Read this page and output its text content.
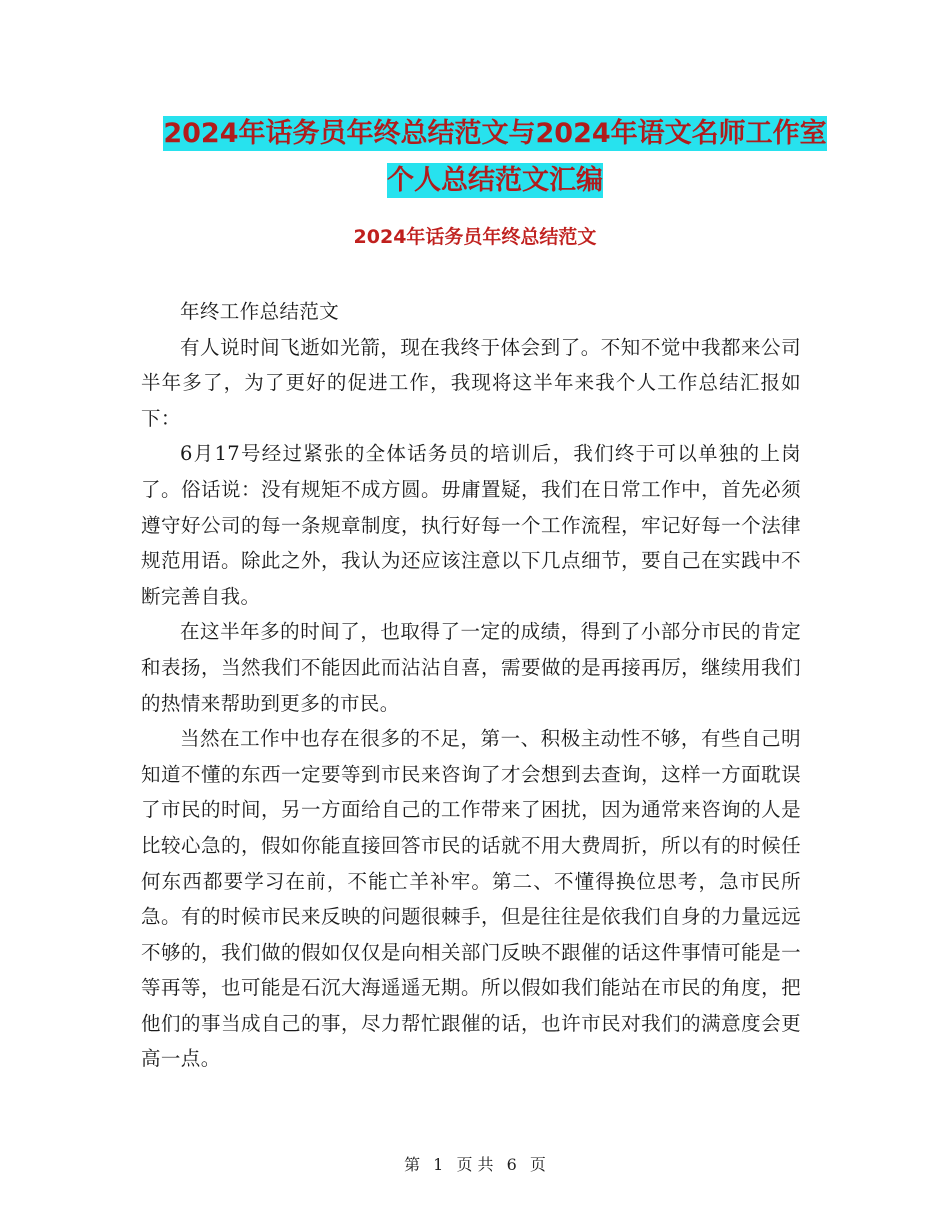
2024年话务员年终总结范文与2024年语文名师工作室
个人总结范文汇编
2024年话务员年终总结范文

年终工作总结范文

有人说时间飞逝如光箭，现在我终于体会到了。不知不觉中我都来公司半年多了，为了更好的促进工作，我现将这半年来我个人工作总结汇报如下：

6月17号经过紧张的全体话务员的培训后，我们终于可以单独的上岗了。俗话说：没有规矩不成方圆。毋庸置疑，我们在日常工作中，首先必须遵守好公司的每一条规章制度，执行好每一个工作流程，牢记好每一个法律规范用语。除此之外，我认为还应该注意以下几点细节，要自己在实践中不断完善自我。

在这半年多的时间了，也取得了一定的成绩，得到了小部分市民的肯定和表扬，当然我们不能因此而沾沾自喜，需要做的是再接再厉，继续用我们的热情来帮助到更多的市民。

当然在工作中也存在很多的不足，第一、积极主动性不够，有些自己明知道不懂的东西一定要等到市民来咨询了才会想到去查询，这样一方面耽误了市民的时间，另一方面给自己的工作带来了困扰，因为通常来咨询的人是比较心急的，假如你能直接回答市民的话就不用大费周折，所以有的时候任何东西都要学习在前，不能亡羊补牢。第二、不懂得换位思考，急市民所急。有的时候市民来反映的问题很棘手，但是往往是依我们自身的力量远远不够的，我们做的假如仅仅是向相关部门反映不跟催的话这件事情可能是一等再等，也可能是石沉大海遥遥无期。所以假如我们能站在市民的角度，把他们的事当成自己的事，尽力帮忙跟催的话，也许市民对我们的满意度会更高一点。

第 1 页 共 6 页
